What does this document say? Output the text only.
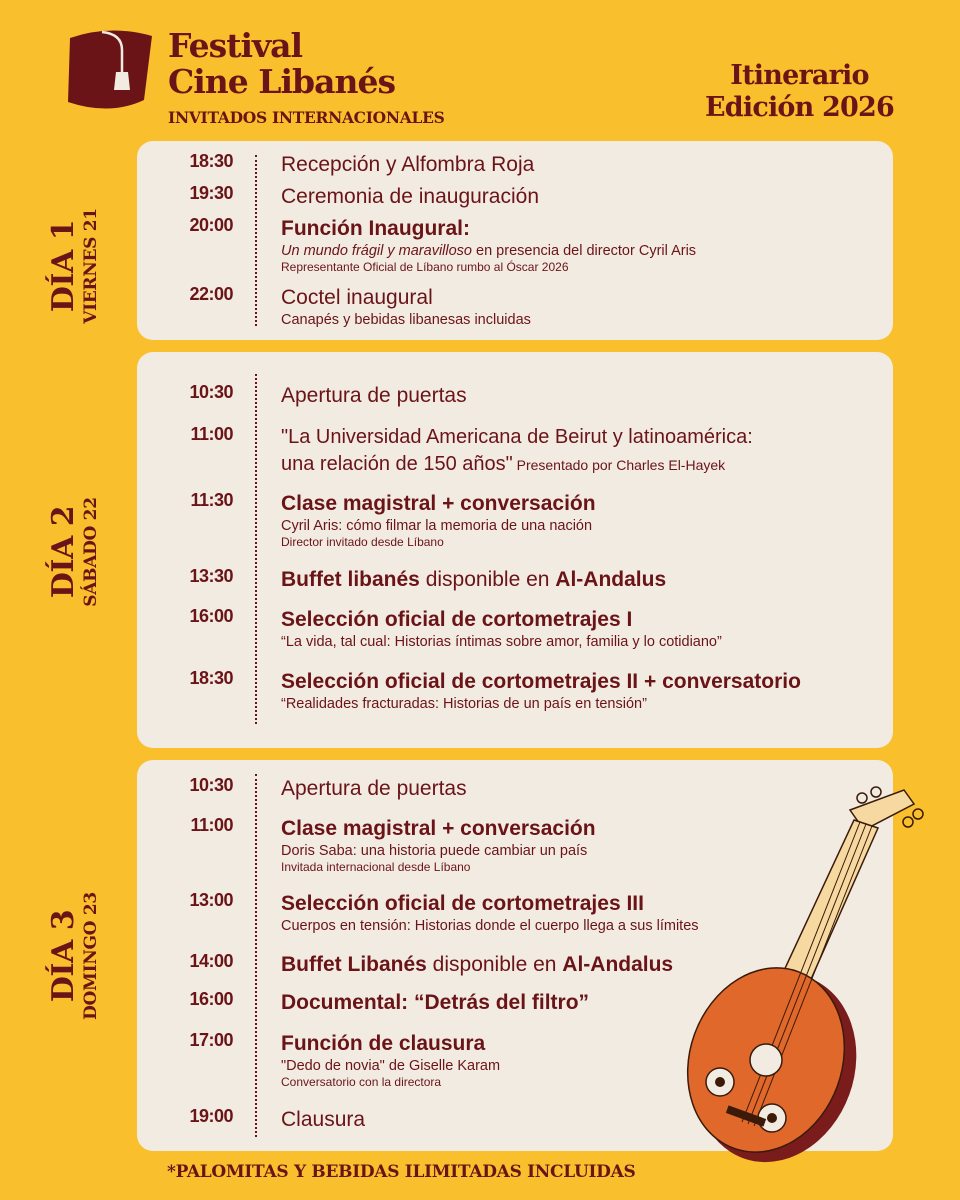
Festival
Cine Libanés
INVITADOS INTERNACIONALES
Itinerario
Edición 2026
DÍA 1 VIERNES 21
18:30 Recepción y Alfombra Roja
19:30 Ceremonia de inauguración
20:00 Función Inaugural:
Un mundo frágil y maravilloso en presencia del director Cyril Aris
Representante Oficial de Líbano rumbo al Óscar 2026
22:00 Coctel inaugural
Canapés y bebidas libanesas incluidas
DÍA 2 SÁBADO 22
10:30 Apertura de puertas
11:00 "La Universidad Americana de Beirut y latinoamérica:
una relación de 150 años" Presentado por Charles El-Hayek
11:30 Clase magistral + conversación
Cyril Aris: cómo filmar la memoria de una nación
Director invitado desde Líbano
13:30 Buffet libanés disponible en Al-Andalus
16:00 Selección oficial de cortometrajes I
“La vida, tal cual: Historias íntimas sobre amor, familia y lo cotidiano”
18:30 Selección oficial de cortometrajes II + conversatorio
“Realidades fracturadas: Historias de un país en tensión”
DÍA 3 DOMINGO 23
10:30 Apertura de puertas
11:00 Clase magistral + conversación
Doris Saba: una historia puede cambiar un país
Invitada internacional desde Líbano
13:00 Selección oficial de cortometrajes III
Cuerpos en tensión: Historias donde el cuerpo llega a sus límites
14:00 Buffet Libanés disponible en Al-Andalus
16:00 Documental: “Detrás del filtro”
17:00 Función de clausura
"Dedo de novia" de Giselle Karam
Conversatorio con la directora
19:00 Clausura
*PALOMITAS Y BEBIDAS ILIMITADAS INCLUIDAS
